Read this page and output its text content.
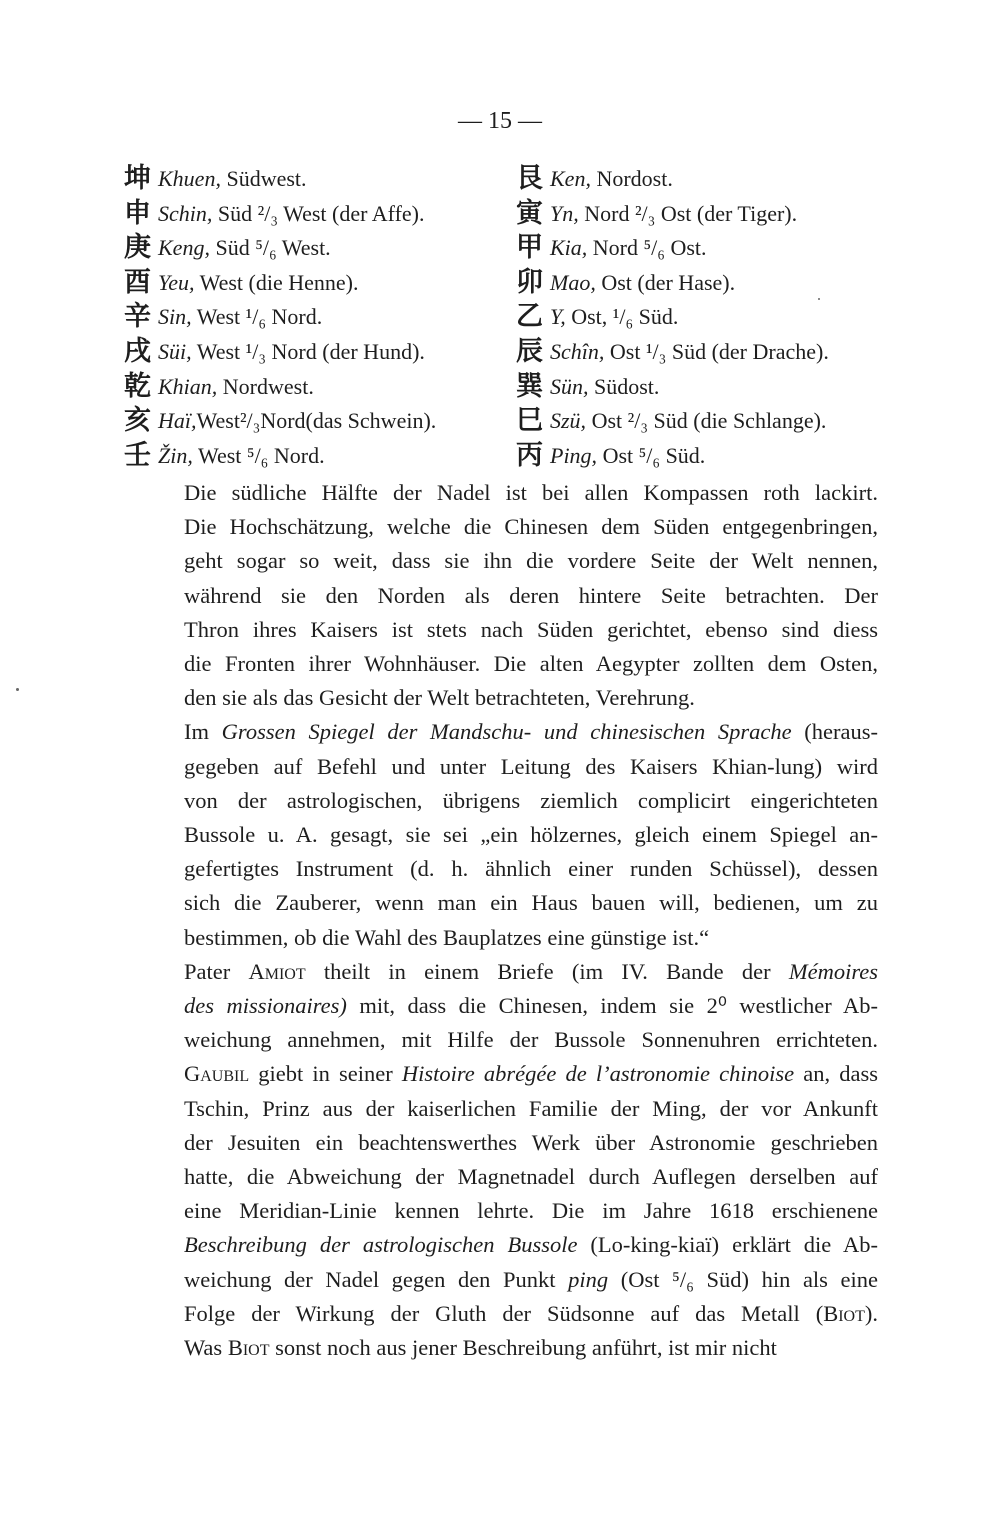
— 15 —
坤 Khuen, Südwest.	艮 Ken, Nordost.
申 Schin, Süd ²/₃ West (der Affe).	寅 Yn, Nord ²/₃ Ost (der Tiger).
庚 Keng, Süd ⁵/₆ West.	甲 Kia, Nord ⁵/₆ Ost.
酉 Yeu, West (die Henne).	卯 Mao, Ost (der Hase).
辛 Sin, West ¹/₆ Nord.	乙 Y, Ost, ¹/₆ Süd.
戌 Süi, West ¹/₃ Nord (der Hund).	辰 Schîn, Ost ¹/₃ Süd (der Drache).
乾 Khian, Nordwest.	巽 Sün, Südost.
亥 Haï,West²/₃Nord(das Schwein).	巳 Szü, Ost ²/₃ Süd (die Schlange).
壬 Žin, West ⁵/₆ Nord.	丙 Ping, Ost ⁵/₆ Süd.

Die südliche Hälfte der Nadel ist bei allen Kompassen roth lackirt.
Die Hochschätzung, welche die Chinesen dem Süden entgegenbringen,
geht sogar so weit, dass sie ihn die vordere Seite der Welt nennen,
während sie den Norden als deren hintere Seite betrachten. Der
Thron ihres Kaisers ist stets nach Süden gerichtet, ebenso sind diess
die Fronten ihrer Wohnhäuser. Die alten Aegypter zollten dem Osten,
den sie als das Gesicht der Welt betrachteten, Verehrung.

Im Grossen Spiegel der Mandschu- und chinesischen Sprache (heraus-
gegeben auf Befehl und unter Leitung des Kaisers Khian-lung) wird
von der astrologischen, übrigens ziemlich complicirt eingerichteten
Bussole u. A. gesagt, sie sei „ein hölzernes, gleich einem Spiegel an-
gefertigtes Instrument (d. h. ähnlich einer runden Schüssel), dessen
sich die Zauberer, wenn man ein Haus bauen will, bedienen, um zu
bestimmen, ob die Wahl des Bauplatzes eine günstige ist.“

Pater Amiot theilt in einem Briefe (im IV. Bande der Mémoires
des missionaires) mit, dass die Chinesen, indem sie 2⁰ westlicher Ab-
weichung annehmen, mit Hilfe der Bussole Sonnenuhren errichteten.
Gaubil giebt in seiner Histoire abrégée de l’astronomie chinoise an, dass
Tschin, Prinz aus der kaiserlichen Familie der Ming, der vor Ankunft
der Jesuiten ein beachtenswerthes Werk über Astronomie geschrieben
hatte, die Abweichung der Magnetnadel durch Auflegen derselben auf
eine Meridian-Linie kennen lehrte. Die im Jahre 1618 erschienene
Beschreibung der astrologischen Bussole (Lo-king-kiaï) erklärt die Ab-
weichung der Nadel gegen den Punkt ping (Ost ⁵/₆ Süd) hin als eine
Folge der Wirkung der Gluth der Südsonne auf das Metall (Biot).
Was Biot sonst noch aus jener Beschreibung anführt, ist mir nicht
